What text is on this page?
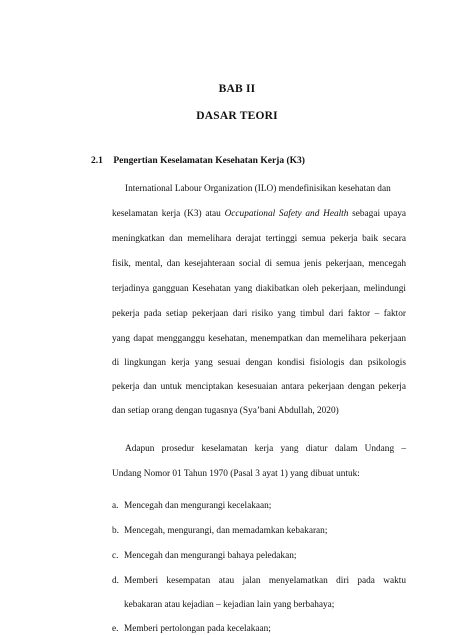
BAB II
DASAR TEORI
2.1 Pengertian Keselamatan Kesehatan Kerja (K3)
International Labour Organization (ILO) mendefinisikan kesehatan dan
keselamatan kerja (K3) atau Occupational Safety and Health sebagai upaya
meningkatkan dan memelihara derajat tertinggi semua pekerja baik secara
fisik, mental, dan kesejahteraan social di semua jenis pekerjaan, mencegah
terjadinya gangguan Kesehatan yang diakibatkan oleh pekerjaan, melindungi
pekerja pada setiap pekerjaan dari risiko yang timbul dari faktor – faktor
yang dapat mengganggu kesehatan, menempatkan dan memelihara pekerjaan
di lingkungan kerja yang sesuai dengan kondisi fisiologis dan psikologis
pekerja dan untuk menciptakan kesesuaian antara pekerjaan dengan pekerja
dan setiap orang dengan tugasnya (Sya’bani Abdullah, 2020)
Adapun prosedur keselamatan kerja yang diatur dalam Undang –
Undang Nomor 01 Tahun 1970 (Pasal 3 ayat 1) yang dibuat untuk:
a. Mencegah dan mengurangi kecelakaan;
b. Mencegah, mengurangi, dan memadamkan kebakaran;
c. Mencegah dan mengurangi bahaya peledakan;
d. Memberi kesempatan atau jalan menyelamatkan diri pada waktu
kebakaran atau kejadian – kejadian lain yang berbahaya;
e. Memberi pertolongan pada kecelakaan;
